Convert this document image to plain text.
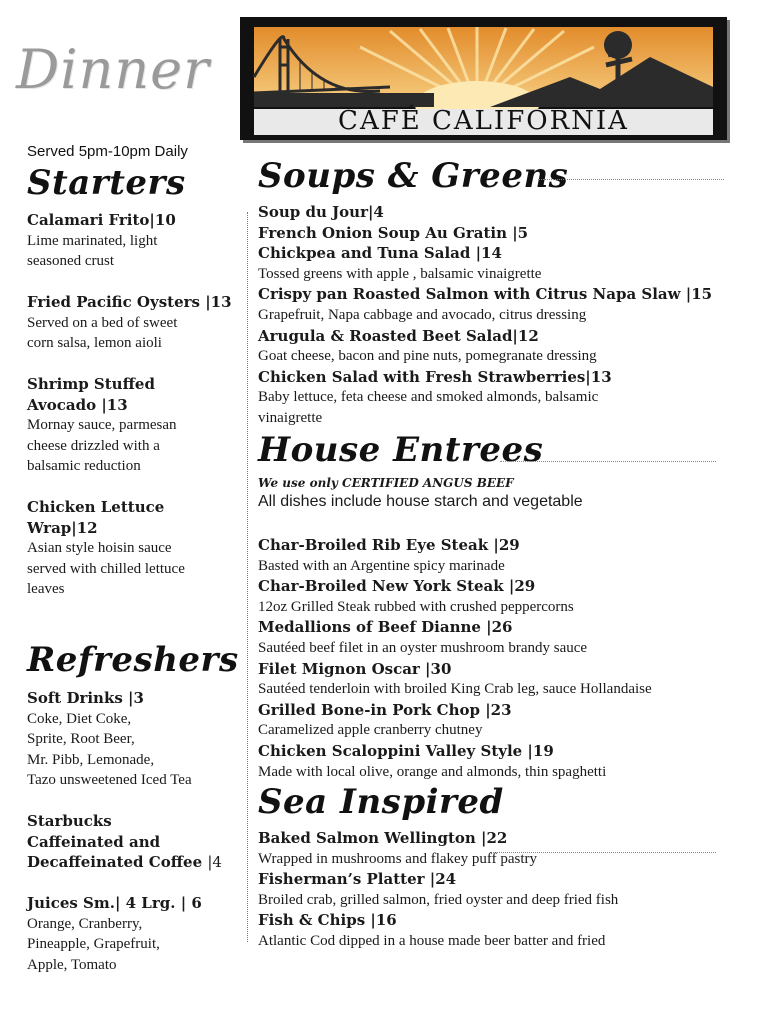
Dinner
Served 5pm-10pm Daily
CAFÉ CALIFORNIA
Starters
Calamari Frito|10
Lime marinated, light
seasoned crust
Fried Pacific Oysters |13
Served on a bed of sweet
corn salsa, lemon aioli
Shrimp Stuffed
Avocado |13
Mornay sauce, parmesan
cheese drizzled with a
balsamic reduction
Chicken Lettuce
Wrap|12
Asian style hoisin sauce
served with chilled lettuce
leaves
Refreshers
Soft Drinks |3
Coke, Diet Coke,
Sprite, Root Beer,
Mr. Pibb, Lemonade,
Tazo unsweetened Iced Tea
Starbucks
Caffeinated and
Decaffeinated Coffee |4
Juices Sm.| 4 Lrg. | 6
Orange, Cranberry,
Pineapple, Grapefruit,
Apple, Tomato
Soups & Greens
Soup du Jour|4
French Onion Soup Au Gratin |5
Chickpea and Tuna Salad |14
Tossed greens with apple , balsamic vinaigrette
Crispy pan Roasted Salmon with Citrus Napa Slaw |15
Grapefruit, Napa cabbage and avocado, citrus dressing
Arugula & Roasted Beet Salad|12
Goat cheese, bacon and pine nuts, pomegranate dressing
Chicken Salad with Fresh Strawberries|13
Baby lettuce, feta cheese and smoked almonds, balsamic
vinaigrette
House Entrees
We use only CERTIFIED ANGUS BEEF
All dishes include house starch and vegetable
Char-Broiled Rib Eye Steak |29
Basted with an Argentine spicy marinade
Char-Broiled New York Steak |29
12oz Grilled Steak rubbed with crushed peppercorns
Medallions of Beef Dianne |26
Sautéed beef filet in an oyster mushroom brandy sauce
Filet Mignon Oscar |30
Sautéed tenderloin with broiled King Crab leg, sauce Hollandaise
Grilled Bone-in Pork Chop |23
Caramelized apple cranberry chutney
Chicken Scaloppini Valley Style |19
Made with local olive, orange and almonds, thin spaghetti
Sea Inspired
Baked Salmon Wellington |22
Wrapped in mushrooms and flakey puff pastry
Fisherman’s Platter |24
Broiled crab, grilled salmon, fried oyster and deep fried fish
Fish & Chips |16
Atlantic Cod dipped in a house made beer batter and fried
